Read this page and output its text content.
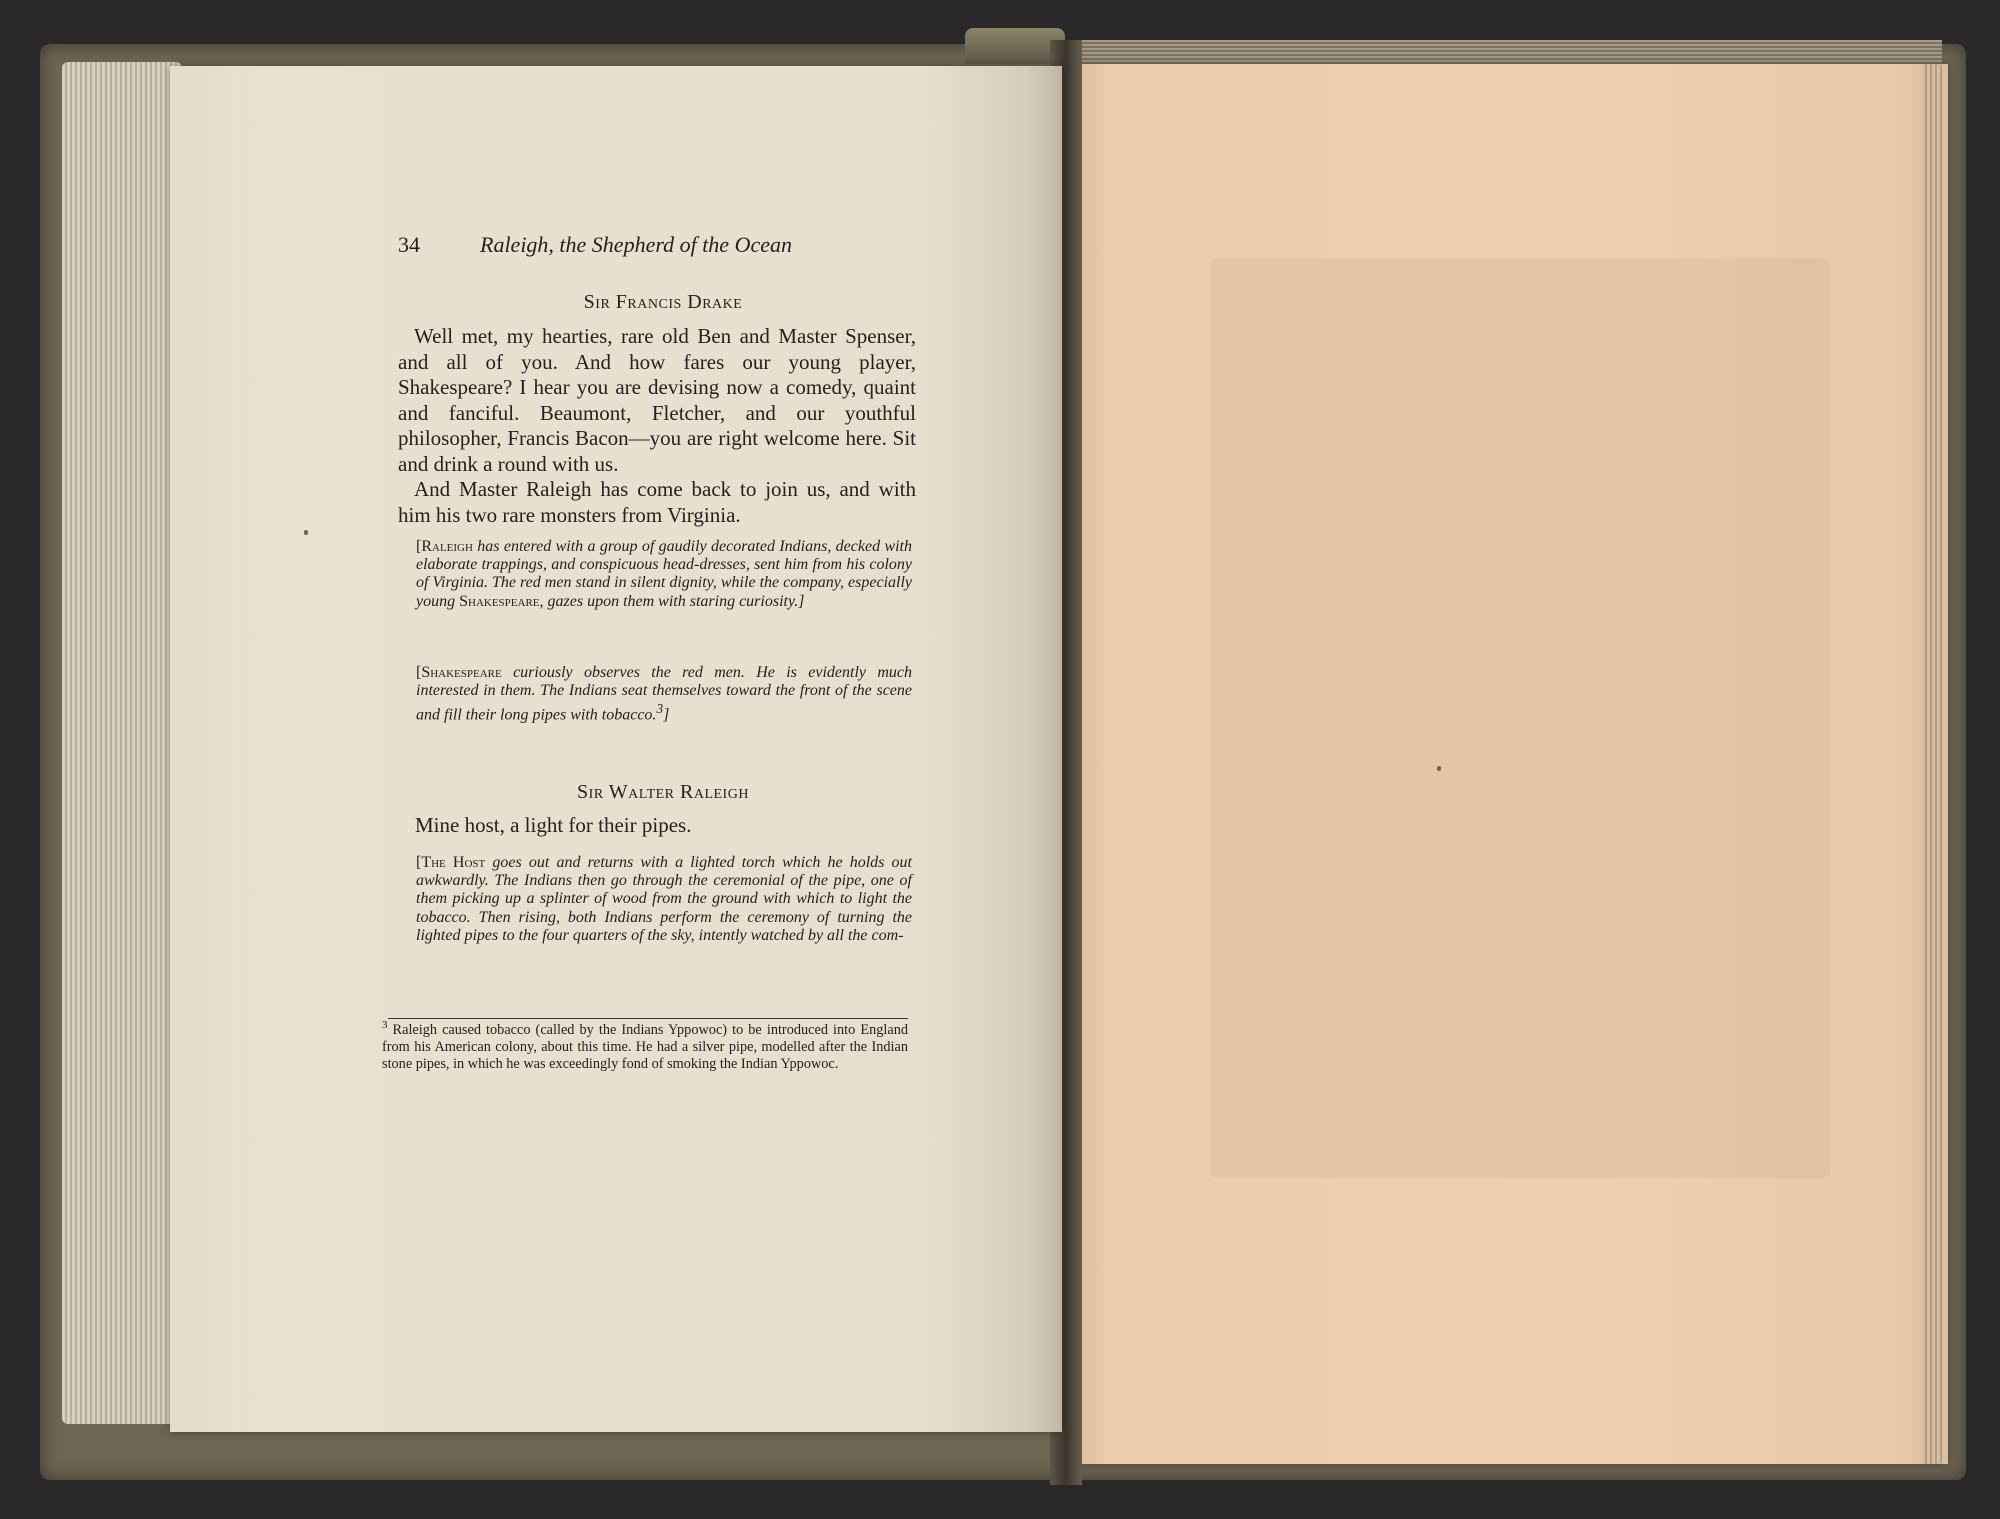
34	Raleigh, the Shepherd of the Ocean
Sir Francis Drake

Well met, my hearties, rare old Ben and Master Spenser, and all of you. And how fares our young player, Shakespeare? I hear you are devising now a comedy, quaint and fanciful. Beaumont, Fletcher, and our youthful philosopher, Francis Bacon—you are right welcome here. Sit and drink a round with us.

And Master Raleigh has come back to join us, and with him his two rare monsters from Virginia.

[Raleigh has entered with a group of gaudily decorated Indians, decked with elaborate trappings, and conspicuous head-dresses, sent him from his colony of Virginia. The red men stand in silent dignity, while the company, especially young Shakespeare, gazes upon them with staring curiosity.]
[Shakespeare curiously observes the red men. He is evidently much interested in them. The Indians seat themselves toward the front of the scene and fill their long pipes with tobacco.$^3$]
Sir Walter Raleigh
Mine host, a light for their pipes.
[The Host goes out and returns with a lighted torch which he holds out awkwardly. The Indians then go through the ceremonial of the pipe, one of them picking up a splinter of wood from the ground with which to light the tobacco. Then rising, both Indians perform the ceremony of turning the lighted pipes to the four quarters of the sky, intently watched by all the com-
$^3$ Raleigh caused tobacco (called by the Indians Yppowoc) to be introduced into England from his American colony, about this time. He had a silver pipe, modelled after the Indian stone pipes, in which he was exceedingly fond of smoking the Indian Yppowoc.
